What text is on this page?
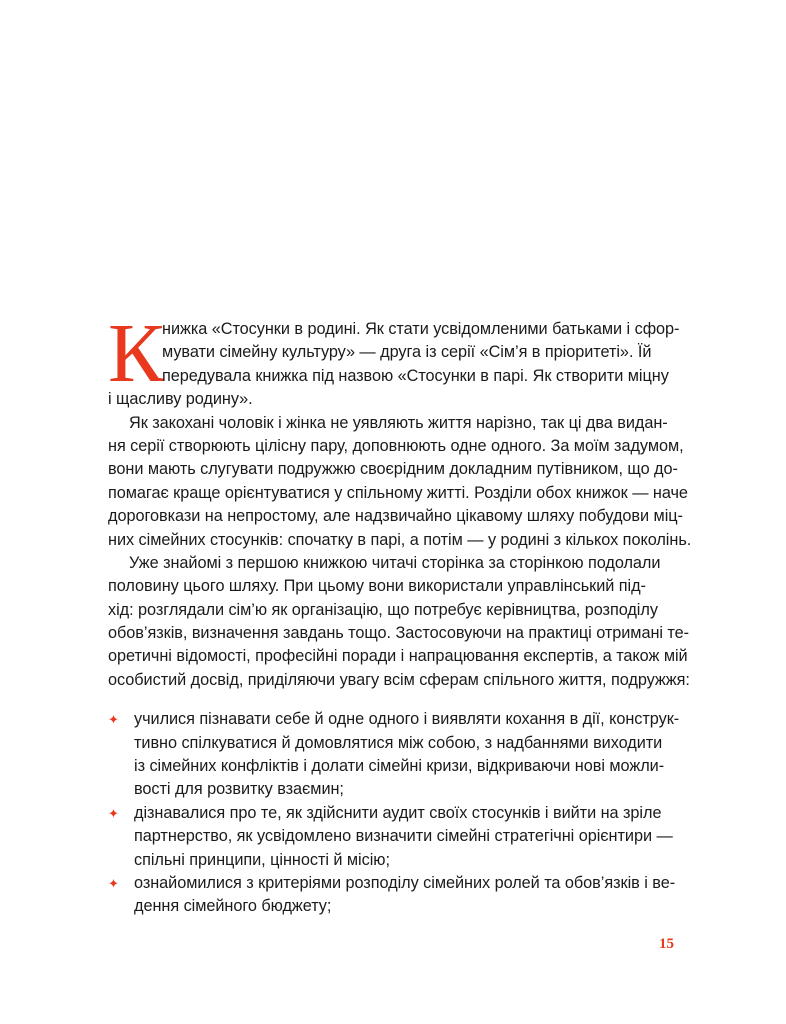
К
нижка «Стосунки в родині. Як стати усвідомленими батьками і сфор-
мувати сімейну культуру» — друга із серії «Сім’я в пріоритеті». Їй
передувала книжка під назвою «Стосунки в парі. Як створити міцну
і щасливу родину».
Як закохані чоловік і жінка не уявляють життя нарізно, так ці два видан-
ня серії створюють цілісну пару, доповнюють одне одного. За моїм задумом,
вони мають слугувати подружжю своєрідним докладним путівником, що до-
помагає краще орієнтуватися у спільному житті. Розділи обох книжок — наче
дороговкази на непростому, але надзвичайно цікавому шляху побудови міц-
них сімейних стосунків: спочатку в парі, а потім — у родині з кількох поколінь.
Уже знайомі з першою книжкою читачі сторінка за сторінкою подолали
половину цього шляху. При цьому вони використали управлінський під-
хід: розглядали сім’ю як організацію, що потребує керівництва, розподілу
обов’язків, визначення завдань тощо. Застосовуючи на практиці отримані те-
оретичні відомості, професійні поради і напрацювання експертів, а також мій
особистий досвід, приділяючи увагу всім сферам спільного життя, подружжя:
✦ училися пізнавати себе й одне одного і виявляти кохання в дії, конструк-
тивно спілкуватися й домовлятися між собою, з надбаннями виходити
із сімейних конфліктів і долати сімейні кризи, відкриваючи нові можли-
вості для розвитку взаємин;
✦ дізнавалися про те, як здійснити аудит своїх стосунків і вийти на зріле
партнерство, як усвідомлено визначити сімейні стратегічні орієнтири —
спільні принципи, цінності й місію;
✦ ознайомилися з критеріями розподілу сімейних ролей та обов’язків і ве-
дення сімейного бюджету;
15
